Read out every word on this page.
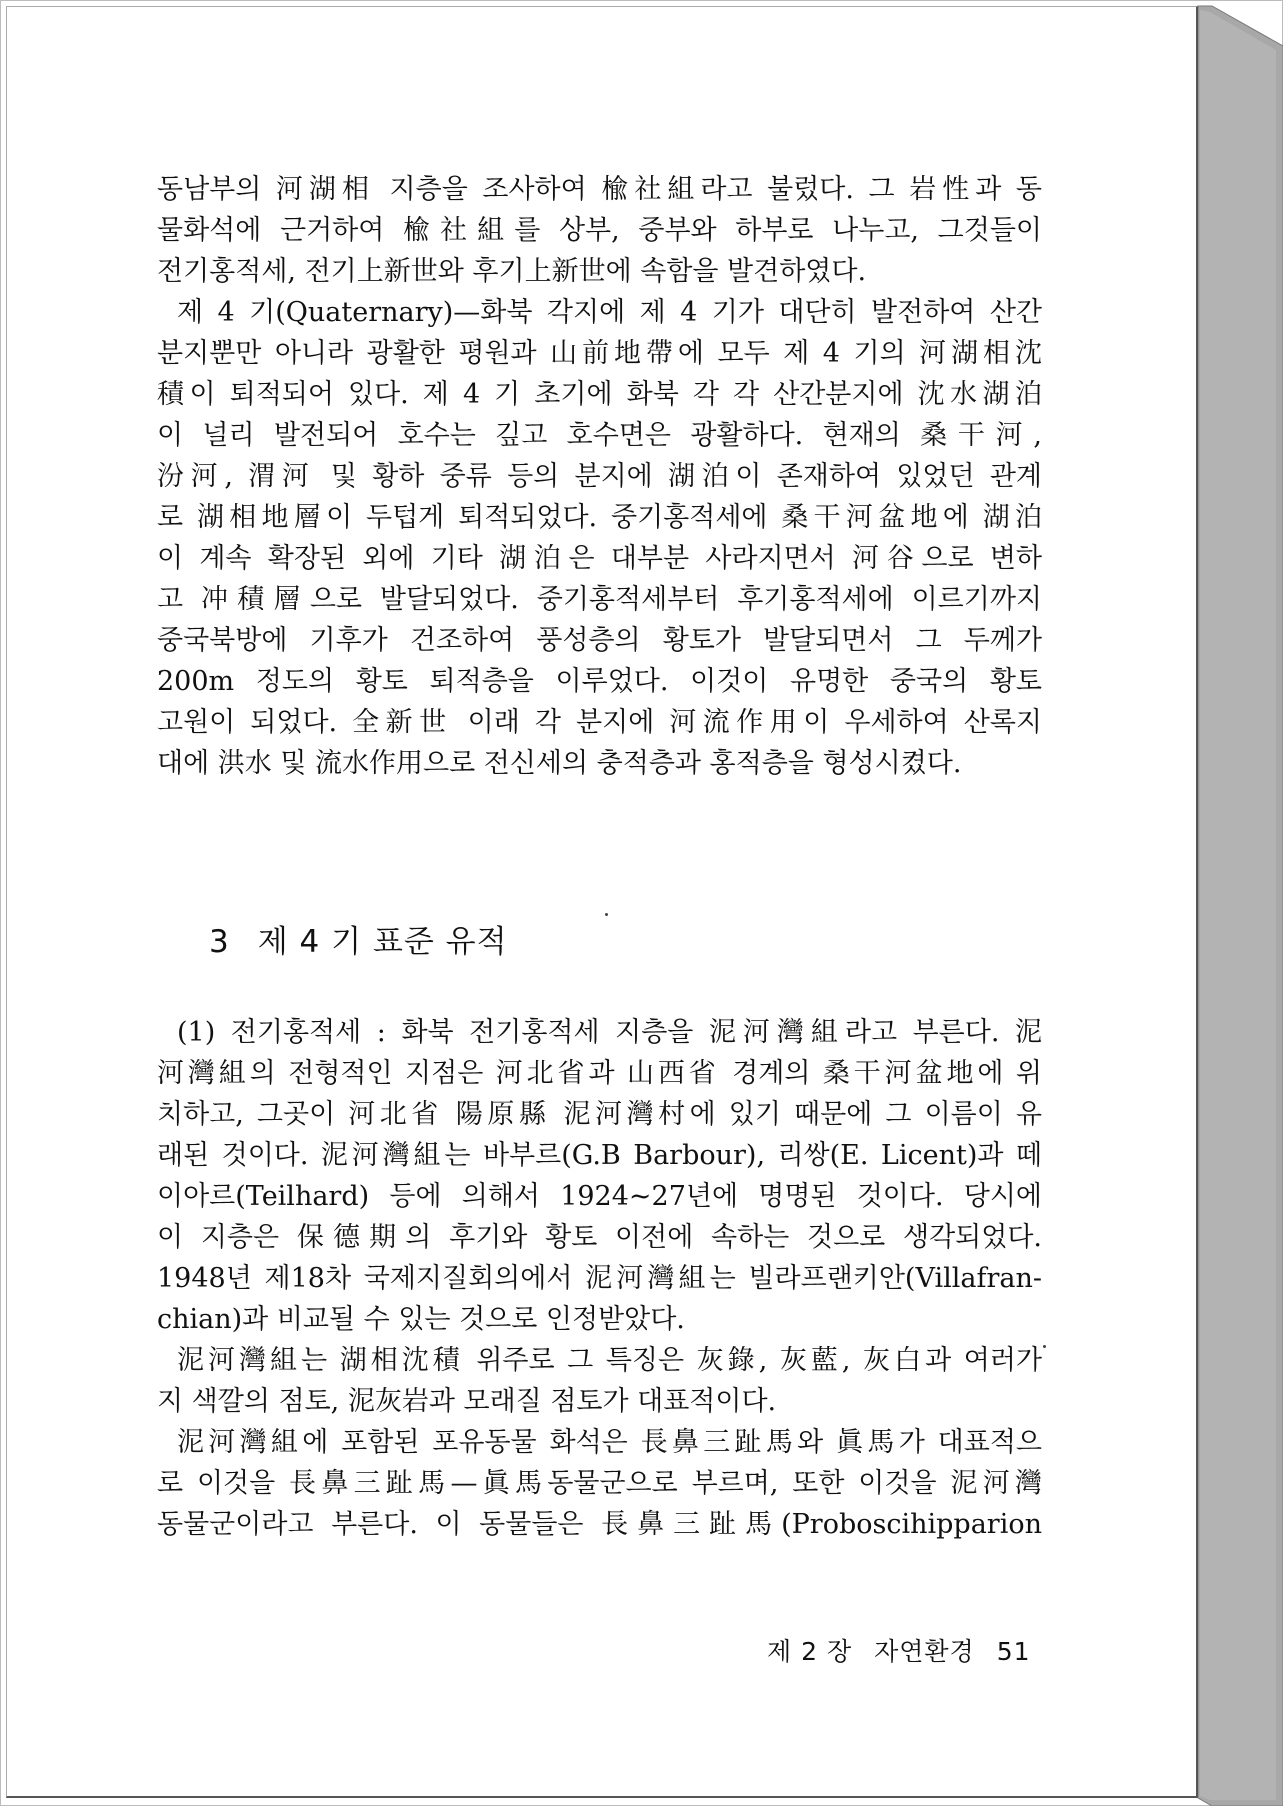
동남부의 河湖相 지층을 조사하여 楡社組라고 불렀다. 그 岩性과 동
물화석에 근거하여 楡社組를 상부, 중부와 하부로 나누고, 그것들이
전기홍적세, 전기上新世와 후기上新世에 속함을 발견하였다.
제 4 기(Quaternary)—화북 각지에 제 4 기가 대단히 발전하여 산간
분지뿐만 아니라 광활한 평원과 山前地帶에 모두 제 4 기의 河湖相沈
積이 퇴적되어 있다. 제 4 기 초기에 화북 각 각 산간분지에 沈水湖泊
이 널리 발전되어 호수는 깊고 호수면은 광활하다. 현재의 桑干河,
汾河, 渭河 및 황하 중류 등의 분지에 湖泊이 존재하여 있었던 관계
로 湖相地層이 두텁게 퇴적되었다. 중기홍적세에 桑干河盆地에 湖泊
이 계속 확장된 외에 기타 湖泊은 대부분 사라지면서 河谷으로 변하
고 冲積層으로 발달되었다. 중기홍적세부터 후기홍적세에 이르기까지
중국북방에 기후가 건조하여 풍성층의 황토가 발달되면서 그 두께가
200m 정도의 황토 퇴적층을 이루었다. 이것이 유명한 중국의 황토
고원이 되었다. 全新世 이래 각 분지에 河流作用이 우세하여 산록지
대에 洪水 및 流水作用으로 전신세의 충적층과 홍적층을 형성시켰다.
3 제 4 기 표준 유적
(1) 전기홍적세 : 화북 전기홍적세 지층을 泥河灣組라고 부른다. 泥
河灣組의 전형적인 지점은 河北省과 山西省 경계의 桑干河盆地에 위
치하고, 그곳이 河北省 陽原縣 泥河灣村에 있기 때문에 그 이름이 유
래된 것이다. 泥河灣組는 바부르(G.B Barbour), 리쌍(E. Licent)과 떼
이아르(Teilhard) 등에 의해서 1924~27년에 명명된 것이다. 당시에
이 지층은 保德期의 후기와 황토 이전에 속하는 것으로 생각되었다.
1948년 제18차 국제지질회의에서 泥河灣組는 빌라프랜키안(Villafran-
chian)과 비교될 수 있는 것으로 인정받았다.
泥河灣組는 湖相沈積 위주로 그 특징은 灰錄, 灰藍, 灰白과 여러가
지 색깔의 점토, 泥灰岩과 모래질 점토가 대표적이다.
泥河灣組에 포함된 포유동물 화석은 長鼻三趾馬와 眞馬가 대표적으
로 이것을 長鼻三趾馬—眞馬동물군으로 부르며, 또한 이것을 泥河灣
동물군이라고 부른다. 이 동물들은 長鼻三趾馬(Proboscihipparion
제 2 장 자연환경 51
